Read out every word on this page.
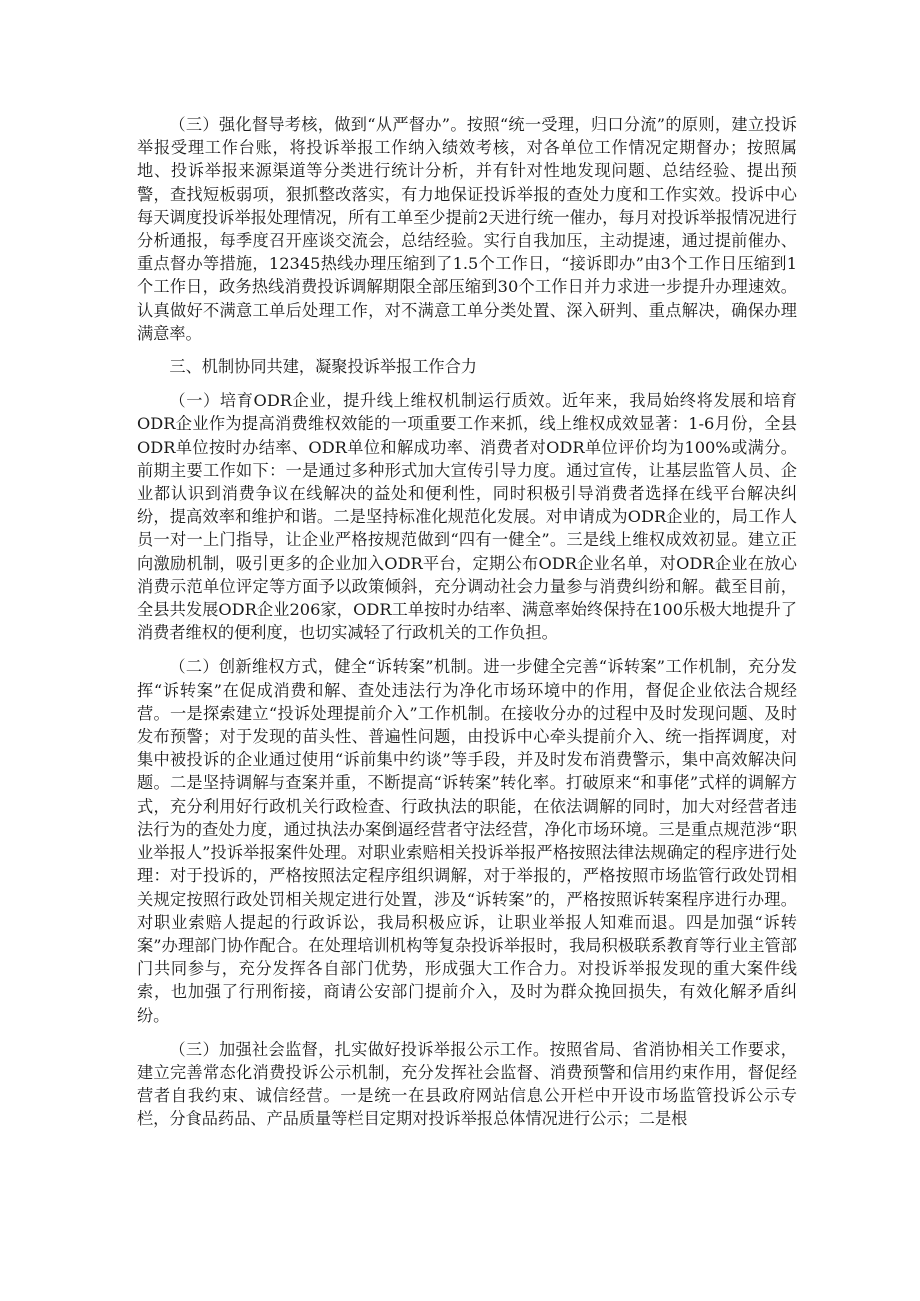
（三）强化督导考核，做到“从严督办”。按照“统一受理，归口分流”的原则，建立投诉举报受理工作台账，将投诉举报工作纳入绩效考核，对各单位工作情况定期督办；按照属地、投诉举报来源渠道等分类进行统计分析，并有针对性地发现问题、总结经验、提出预警，查找短板弱项，狠抓整改落实，有力地保证投诉举报的查处力度和工作实效。投诉中心每天调度投诉举报处理情况，所有工单至少提前2天进行统一催办，每月对投诉举报情况进行分析通报，每季度召开座谈交流会，总结经验。实行自我加压，主动提速，通过提前催办、重点督办等措施，12345热线办理压缩到了1.5个工作日，“接诉即办”由3个工作日压缩到1个工作日，政务热线消费投诉调解期限全部压缩到30个工作日并力求进一步提升办理速效。认真做好不满意工单后处理工作，对不满意工单分类处置、深入研判、重点解决，确保办理满意率。

三、机制协同共建，凝聚投诉举报工作合力

（一）培育ODR企业，提升线上维权机制运行质效。近年来，我局始终将发展和培育ODR企业作为提高消费维权效能的一项重要工作来抓，线上维权成效显著：1-6月份，全县ODR单位按时办结率、ODR单位和解成功率、消费者对ODR单位评价均为100%或满分。前期主要工作如下：一是通过多种形式加大宣传引导力度。通过宣传，让基层监管人员、企业都认识到消费争议在线解决的益处和便利性，同时积极引导消费者选择在线平台解决纠纷，提高效率和维护和谐。二是坚持标准化规范化发展。对申请成为ODR企业的，局工作人员一对一上门指导，让企业严格按规范做到“四有一健全”。三是线上维权成效初显。建立正向激励机制，吸引更多的企业加入ODR平台，定期公布ODR企业名单，对ODR企业在放心消费示范单位评定等方面予以政策倾斜，充分调动社会力量参与消费纠纷和解。截至目前，全县共发展ODR企业206家，ODR工单按时办结率、满意率始终保持在100乐极大地提升了消费者维权的便利度，也切实减轻了行政机关的工作负担。

（二）创新维权方式，健全“诉转案”机制。进一步健全完善“诉转案”工作机制，充分发挥“诉转案”在促成消费和解、查处违法行为净化市场环境中的作用，督促企业依法合规经营。一是探索建立“投诉处理提前介入”工作机制。在接收分办的过程中及时发现问题、及时发布预警；对于发现的苗头性、普遍性问题，由投诉中心牵头提前介入、统一指挥调度，对集中被投诉的企业通过使用“诉前集中约谈”等手段，并及时发布消费警示，集中高效解决问题。二是坚持调解与查案并重，不断提高“诉转案”转化率。打破原来“和事佬”式样的调解方式，充分利用好行政机关行政检查、行政执法的职能，在依法调解的同时，加大对经营者违法行为的查处力度，通过执法办案倒逼经营者守法经营，净化市场环境。三是重点规范涉“职业举报人”投诉举报案件处理。对职业索赔相关投诉举报严格按照法律法规确定的程序进行处理：对于投诉的，严格按照法定程序组织调解，对于举报的，严格按照市场监管行政处罚相关规定按照行政处罚相关规定进行处置，涉及“诉转案”的，严格按照诉转案程序进行办理。对职业索赔人提起的行政诉讼，我局积极应诉，让职业举报人知难而退。四是加强“诉转案”办理部门协作配合。在处理培训机构等复杂投诉举报时，我局积极联系教育等行业主管部门共同参与，充分发挥各自部门优势，形成强大工作合力。对投诉举报发现的重大案件线索，也加强了行刑衔接，商请公安部门提前介入，及时为群众挽回损失，有效化解矛盾纠纷。

（三）加强社会监督，扎实做好投诉举报公示工作。按照省局、省消协相关工作要求，建立完善常态化消费投诉公示机制，充分发挥社会监督、消费预警和信用约束作用，督促经营者自我约束、诚信经营。一是统一在县政府网站信息公开栏中开设市场监管投诉公示专栏，分食品药品、产品质量等栏目定期对投诉举报总体情况进行公示；二是根
